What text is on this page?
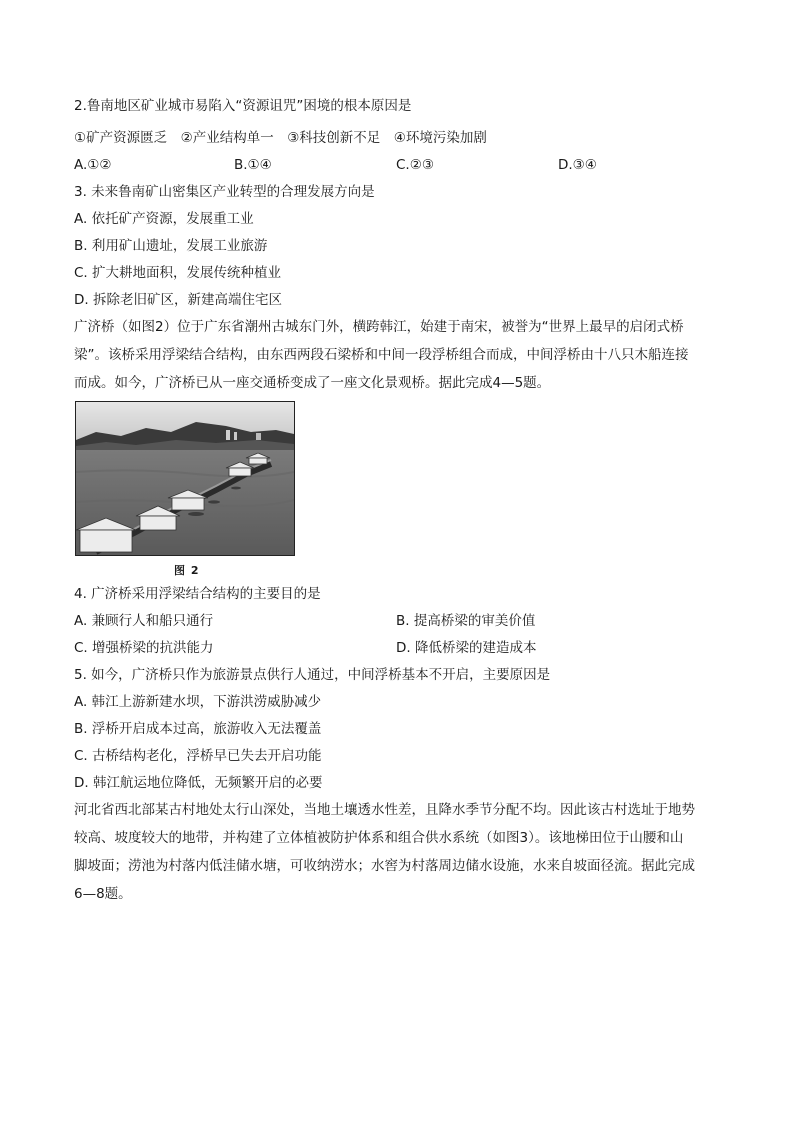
2.鲁南地区矿业城市易陷入“资源诅咒”困境的根本原因是
①矿产资源匮乏　②产业结构单一　③科技创新不足　④环境污染加剧
A.①②	B.①④	C.②③	D.③④
3. 未来鲁南矿山密集区产业转型的合理发展方向是
A. 依托矿产资源，发展重工业
B. 利用矿山遗址，发展工业旅游
C. 扩大耕地面积，发展传统种植业
D. 拆除老旧矿区，新建高端住宅区
广济桥（如图2）位于广东省潮州古城东门外，横跨韩江，始建于南宋，被誉为“世界上最早的启闭式桥
梁”。该桥采用浮梁结合结构，由东西两段石梁桥和中间一段浮桥组合而成，中间浮桥由十八只木船连接
而成。如今，广济桥已从一座交通桥变成了一座文化景观桥。据此完成4—5题。
图 2
4. 广济桥采用浮梁结合结构的主要目的是
A. 兼顾行人和船只通行	B. 提高桥梁的审美价值
C. 增强桥梁的抗洪能力	D. 降低桥梁的建造成本
5. 如今，广济桥只作为旅游景点供行人通过，中间浮桥基本不开启，主要原因是
A. 韩江上游新建水坝，下游洪涝威胁减少
B. 浮桥开启成本过高，旅游收入无法覆盖
C. 古桥结构老化，浮桥早已失去开启功能
D. 韩江航运地位降低，无频繁开启的必要
河北省西北部某古村地处太行山深处，当地土壤透水性差，且降水季节分配不均。因此该古村选址于地势
较高、坡度较大的地带，并构建了立体植被防护体系和组合供水系统（如图3）。该地梯田位于山腰和山
脚坡面；涝池为村落内低洼储水塘，可收纳涝水；水窖为村落周边储水设施，水来自坡面径流。据此完成
6—8题。
